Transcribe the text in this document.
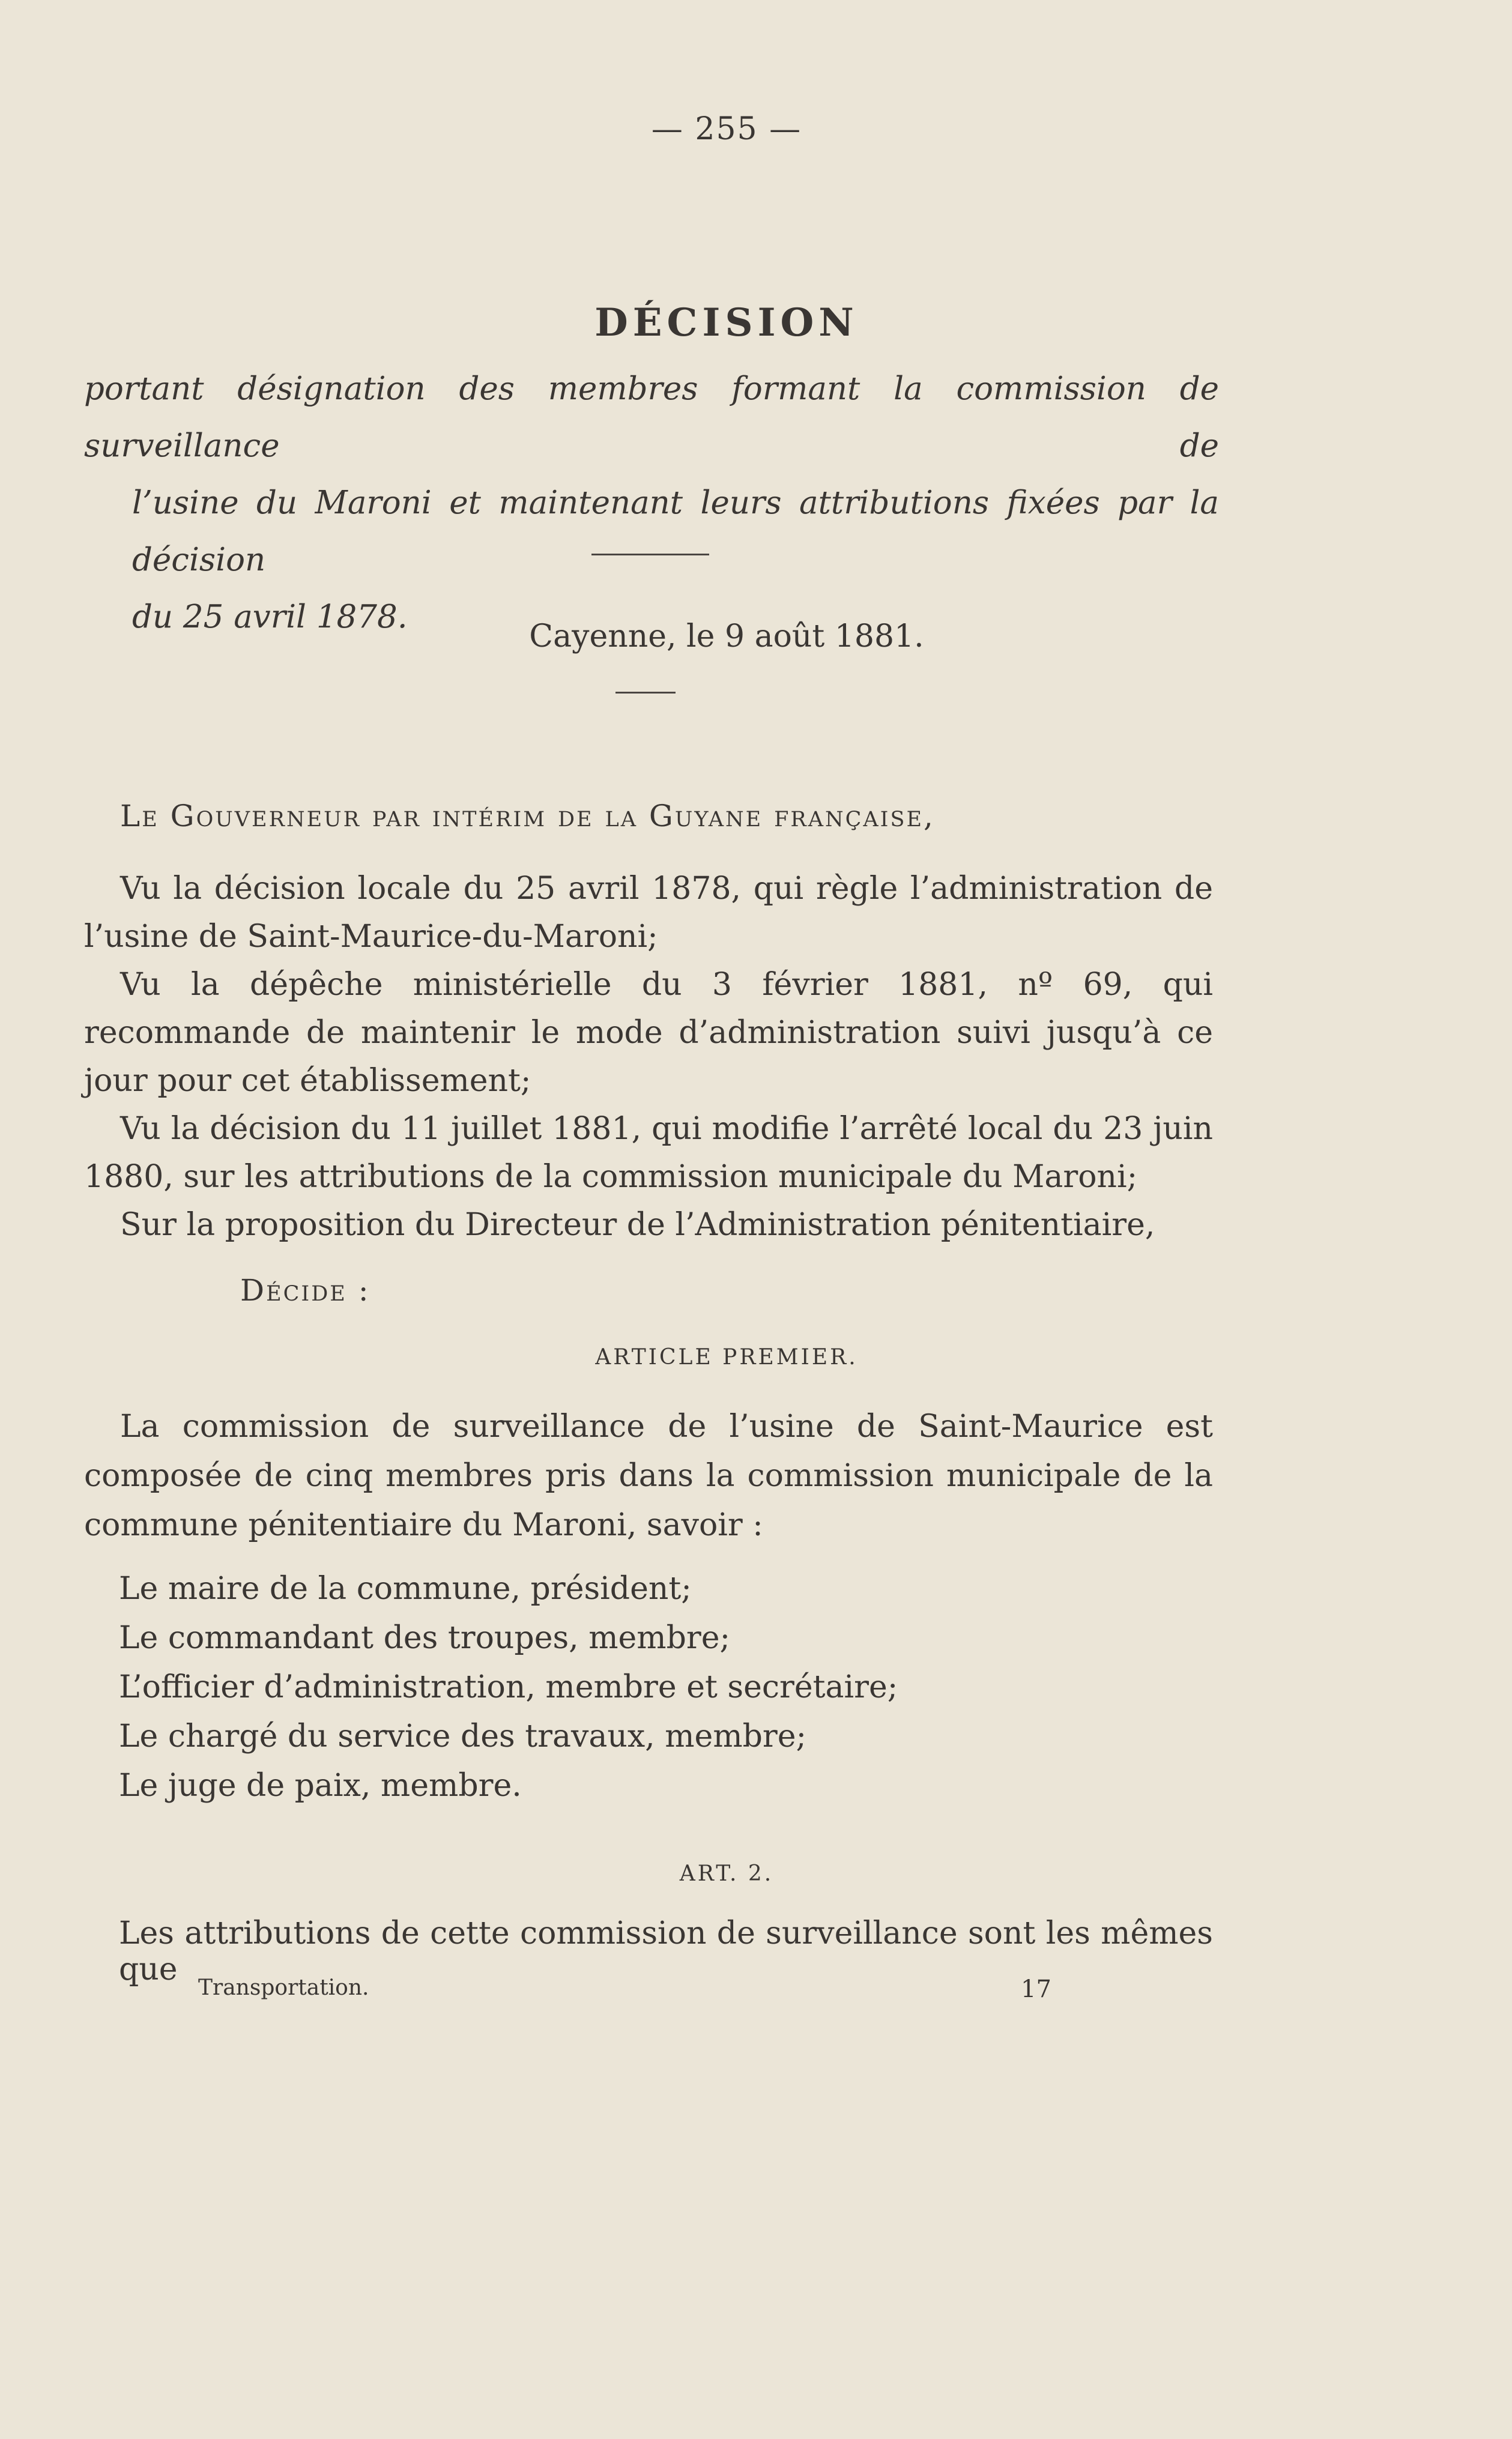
— 255 —
DÉCISION
portant désignation des membres formant la commission de surveillance de
l’usine du Maroni et maintenant leurs attributions fixées par la décision
du 25 avril 1878.
Cayenne, le 9 août 1881.
Le Gouverneur par intérim de la Guyane française,

Vu la décision locale du 25 avril 1878, qui règle l’administration de l’usine de Saint-Maurice-du-Maroni;

Vu la dépêche ministérielle du 3 février 1881, nº 69, qui recommande de maintenir le mode d’administration suivi jusqu’à ce jour pour cet établissement;

Vu la décision du 11 juillet 1881, qui modifie l’arrêté local du 23 juin 1880, sur les attributions de la commission municipale du Maroni;

Sur la proposition du Directeur de l’Administration pénitentiaire,

Décide :
ARTICLE PREMIER.

La commission de surveillance de l’usine de Saint-Maurice est composée de cinq membres pris dans la commission municipale de la commune pénitentiaire du Maroni, savoir :

Le maire de la commune, président;
Le commandant des troupes, membre;
L’officier d’administration, membre et secrétaire;
Le chargé du service des travaux, membre;
Le juge de paix, membre.
ART. 2.
Les attributions de cette commission de surveillance sont les mêmes que
Transportation.	17
